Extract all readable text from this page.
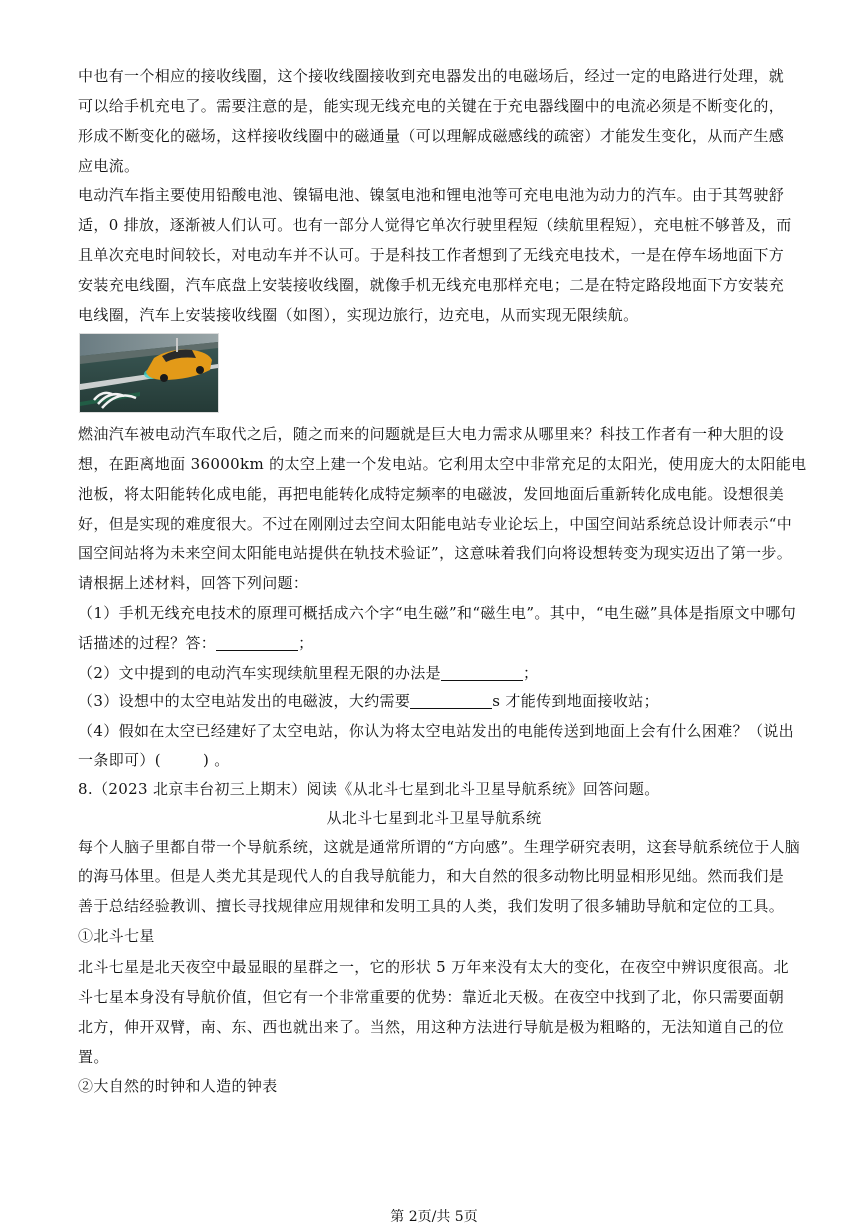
中也有一个相应的接收线圈，这个接收线圈接收到充电器发出的电磁场后，经过一定的电路进行处理，就
可以给手机充电了。需要注意的是，能实现无线充电的关键在于充电器线圈中的电流必须是不断变化的，
形成不断变化的磁场，这样接收线圈中的磁通量（可以理解成磁感线的疏密）才能发生变化，从而产生感
应电流。
电动汽车指主要使用铅酸电池、镍镉电池、镍氢电池和锂电池等可充电电池为动力的汽车。由于其驾驶舒
适，0 排放，逐渐被人们认可。也有一部分人觉得它单次行驶里程短（续航里程短），充电桩不够普及，而
且单次充电时间较长，对电动车并不认可。于是科技工作者想到了无线充电技术，一是在停车场地面下方
安装充电线圈，汽车底盘上安装接收线圈，就像手机无线充电那样充电；二是在特定路段地面下方安装充
电线圈，汽车上安装接收线圈（如图），实现边旅行，边充电，从而实现无限续航。
燃油汽车被电动汽车取代之后，随之而来的问题就是巨大电力需求从哪里来？科技工作者有一种大胆的设
想，在距离地面 36000km 的太空上建一个发电站。它利用太空中非常充足的太阳光，使用庞大的太阳能电
池板，将太阳能转化成电能，再把电能转化成特定频率的电磁波，发回地面后重新转化成电能。设想很美
好，但是实现的难度很大。不过在刚刚过去空间太阳能电站专业论坛上，中国空间站系统总设计师表示“中
国空间站将为未来空间太阳能电站提供在轨技术验证”，这意味着我们向将设想转变为现实迈出了第一步。
请根据上述材料，回答下列问题：
（1）手机无线充电技术的原理可概括成六个字“电生磁”和“磁生电”。其中，“电生磁”具体是指原文中哪句
话描述的过程？答：	；
（2）文中提到的电动汽车实现续航里程无限的办法是	；
（3）设想中的太空电站发出的电磁波，大约需要	s 才能传到地面接收站；
（4）假如在太空已经建好了太空电站，你认为将太空电站发出的电能传送到地面上会有什么困难？（说出
一条即可）(	) 。
8.（2023 北京丰台初三上期末）阅读《从北斗七星到北斗卫星导航系统》回答问题。
从北斗七星到北斗卫星导航系统
每个人脑子里都自带一个导航系统，这就是通常所谓的“方向感”。生理学研究表明，这套导航系统位于人脑
的海马体里。但是人类尤其是现代人的自我导航能力，和大自然的很多动物比明显相形见绌。然而我们是
善于总结经验教训、擅长寻找规律应用规律和发明工具的人类，我们发明了很多辅助导航和定位的工具。
①北斗七星
北斗七星是北天夜空中最显眼的星群之一，它的形状 5 万年来没有太大的变化，在夜空中辨识度很高。北
斗七星本身没有导航价值，但它有一个非常重要的优势：靠近北天极。在夜空中找到了北，你只需要面朝
北方，伸开双臂，南、东、西也就出来了。当然，用这种方法进行导航是极为粗略的，无法知道自己的位
置。
②大自然的时钟和人造的钟表
第 2页/共 5页
